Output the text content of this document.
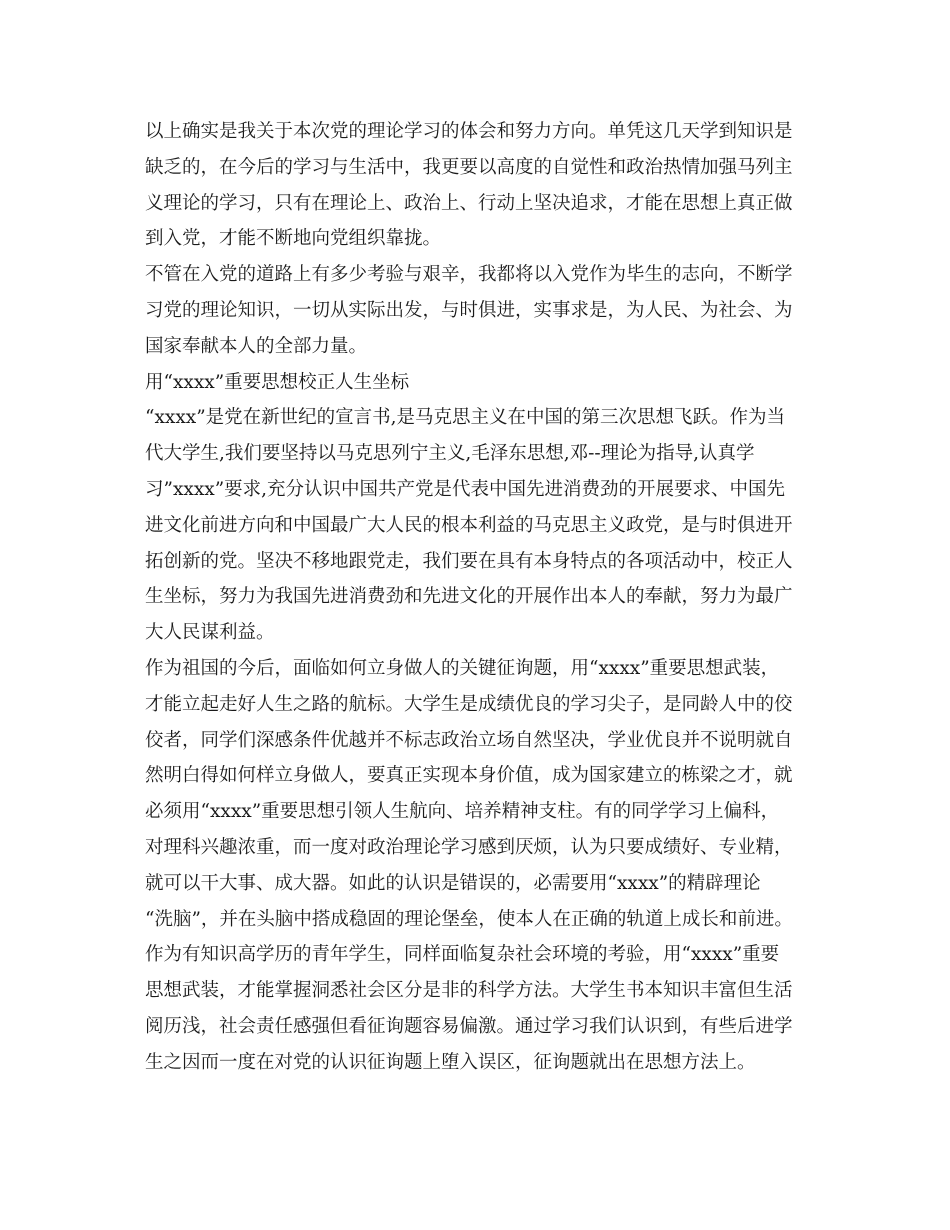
以上确实是我关于本次党的理论学习的体会和努力方向。单凭这几天学到知识是
缺乏的，在今后的学习与生活中，我更要以高度的自觉性和政治热情加强马列主
义理论的学习，只有在理论上、政治上、行动上坚决追求，才能在思想上真正做
到入党，才能不断地向党组织靠拢。
不管在入党的道路上有多少考验与艰辛，我都将以入党作为毕生的志向，不断学
习党的理论知识，一切从实际出发，与时俱进，实事求是，为人民、为社会、为
国家奉献本人的全部力量。
用“xxxx”重要思想校正人生坐标
“xxxx”是党在新世纪的宣言书,是马克思主义在中国的第三次思想飞跃。作为当
代大学生,我们要坚持以马克思列宁主义,毛泽东思想,邓--理论为指导,认真学
习”xxxx”要求,充分认识中国共产党是代表中国先进消费劲的开展要求、中国先
进文化前进方向和中国最广大人民的根本利益的马克思主义政党，是与时俱进开
拓创新的党。坚决不移地跟党走，我们要在具有本身特点的各项活动中，校正人
生坐标，努力为我国先进消费劲和先进文化的开展作出本人的奉献，努力为最广
大人民谋利益。
作为祖国的今后，面临如何立身做人的关键征询题，用“xxxx”重要思想武装，
才能立起走好人生之路的航标。大学生是成绩优良的学习尖子，是同龄人中的佼
佼者，同学们深感条件优越并不标志政治立场自然坚决，学业优良并不说明就自
然明白得如何样立身做人，要真正实现本身价值，成为国家建立的栋梁之才，就
必须用“xxxx”重要思想引领人生航向、培养精神支柱。有的同学学习上偏科，
对理科兴趣浓重，而一度对政治理论学习感到厌烦，认为只要成绩好、专业精，
就可以干大事、成大器。如此的认识是错误的，必需要用“xxxx”的精辟理论
“洗脑”，并在头脑中搭成稳固的理论堡垒，使本人在正确的轨道上成长和前进。
作为有知识高学历的青年学生，同样面临复杂社会环境的考验，用“xxxx”重要
思想武装，才能掌握洞悉社会区分是非的科学方法。大学生书本知识丰富但生活
阅历浅，社会责任感强但看征询题容易偏激。通过学习我们认识到，有些后进学
生之因而一度在对党的认识征询题上堕入误区，征询题就出在思想方法上。
